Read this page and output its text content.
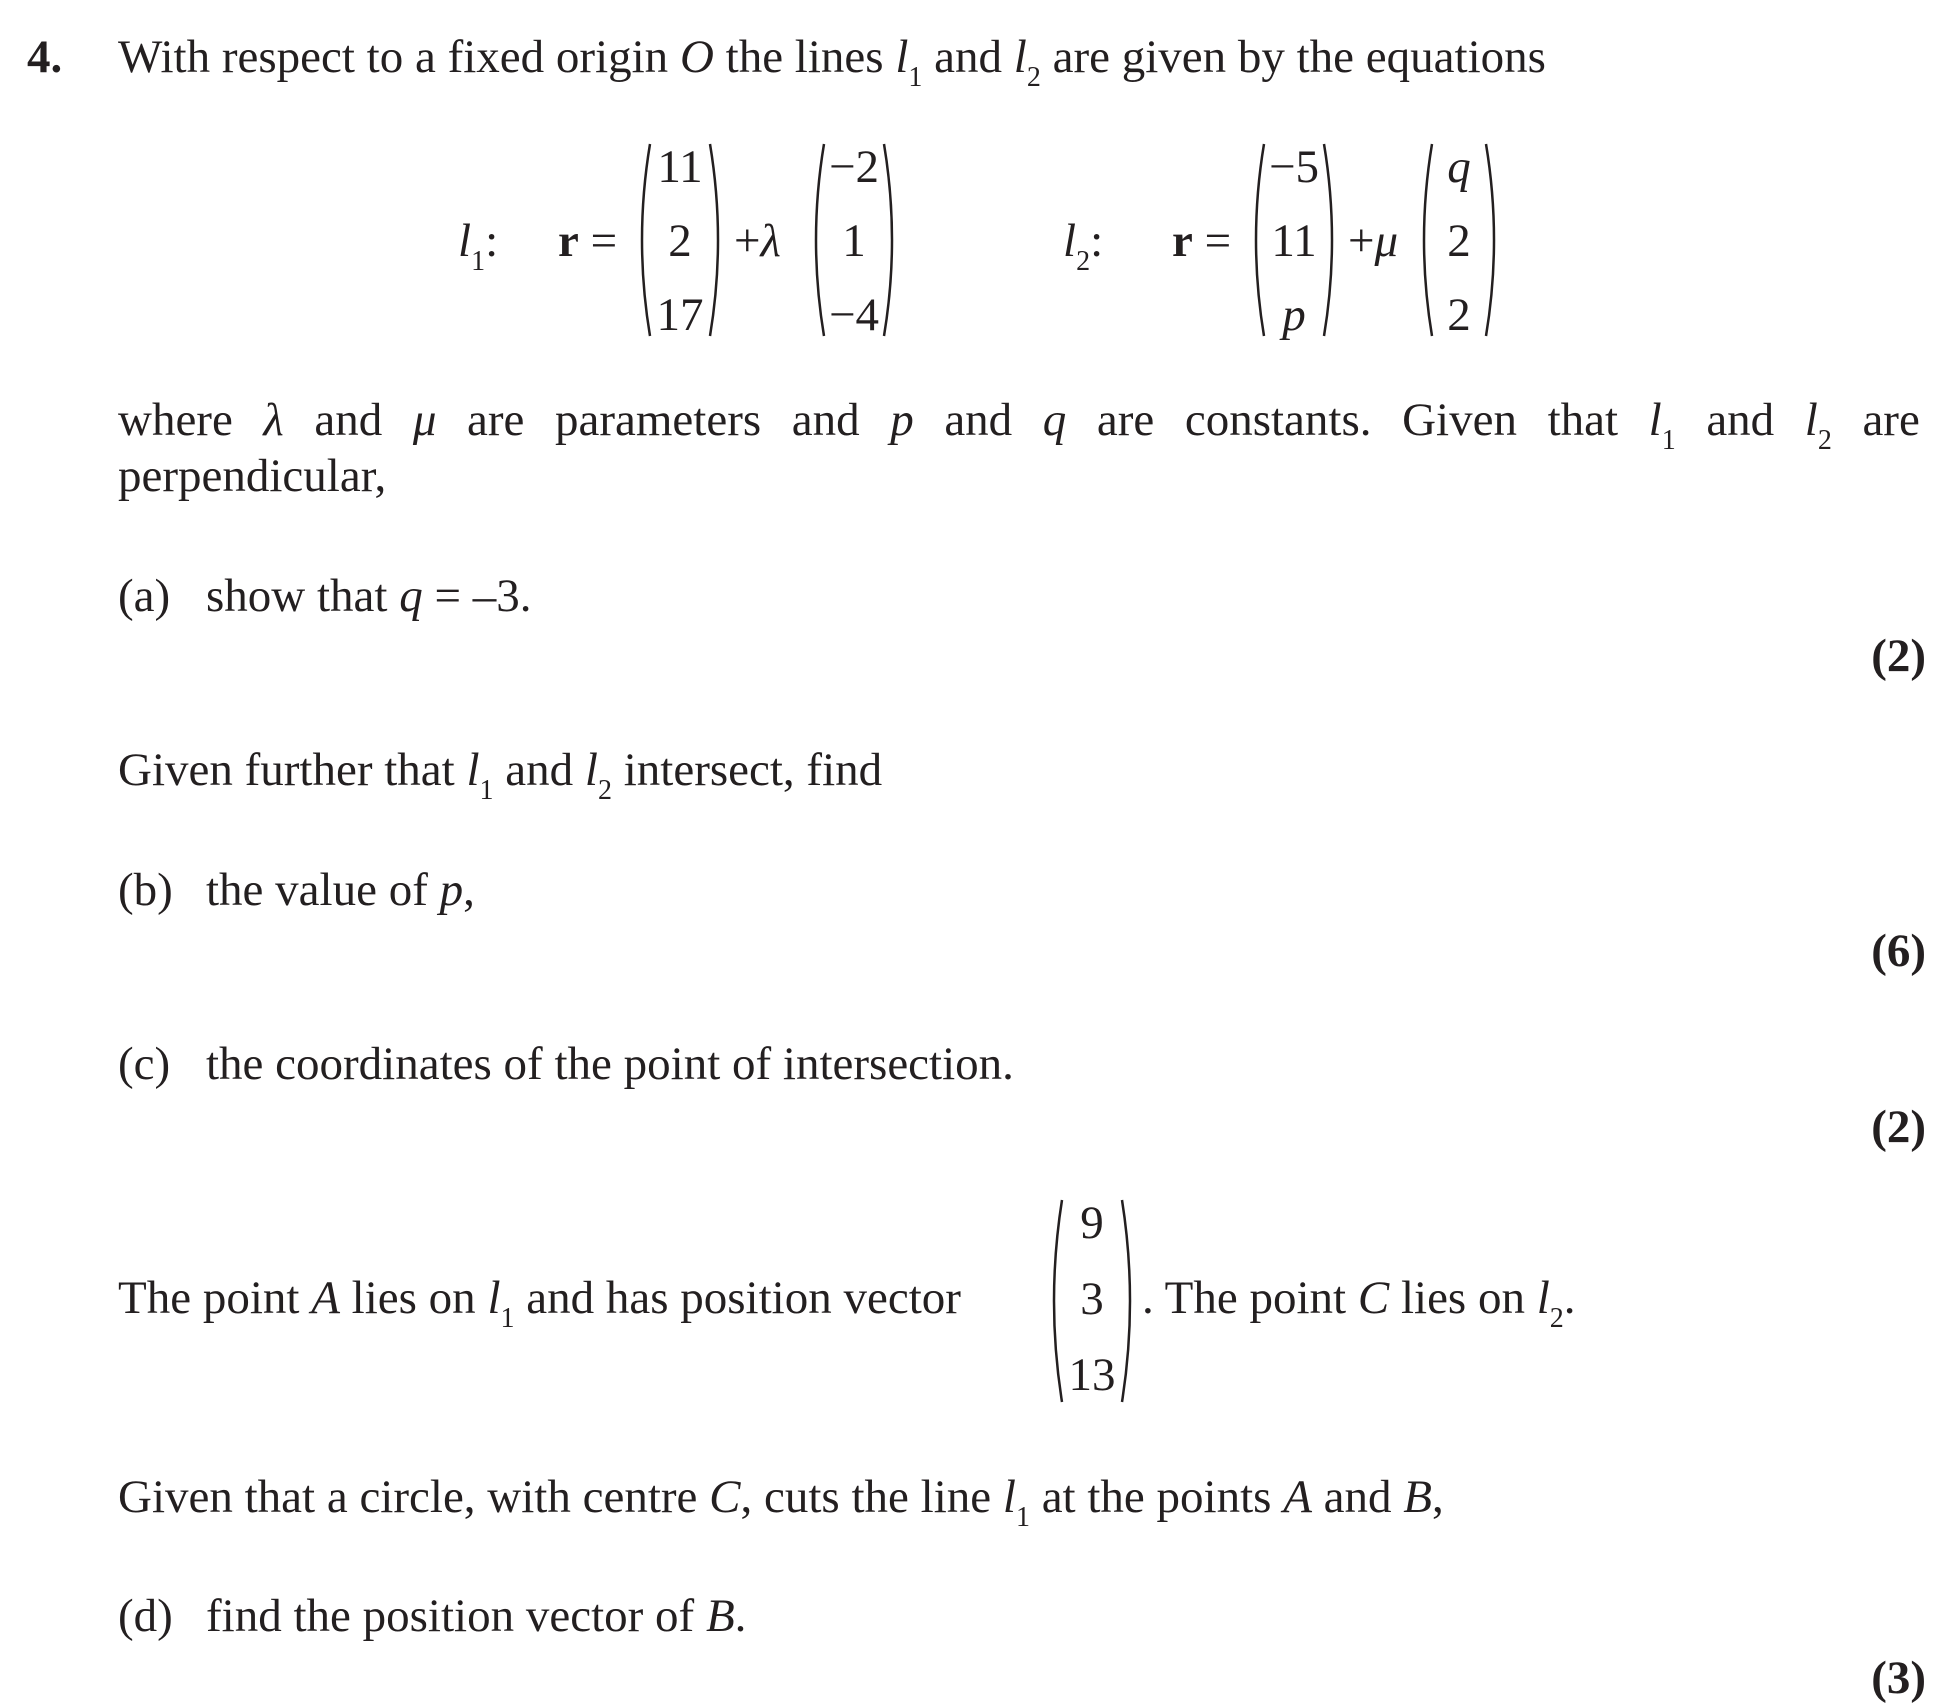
4. With respect to a fixed origin O the lines $l_1$ and $l_2$ are given by the equations
$l_1$: r =
11
2
17
+λ
−2
1
−4
$l_2$: r =
−5
11
p
+μ
q
2
2
where λ and μ are parameters and p and q are constants. Given that $l_1$ and $l_2$ are
perpendicular,
(a) show that q = –3.
(2)
Given further that $l_1$ and $l_2$ intersect, find
(b) the value of p,
(6)
(c) the coordinates of the point of intersection.
(2)
The point A lies on $l_1$ and has position vector
9
3
13
. The point C lies on $l_2$.
Given that a circle, with centre C, cuts the line $l_1$ at the points A and B,
(d) find the position vector of B.
(3)
